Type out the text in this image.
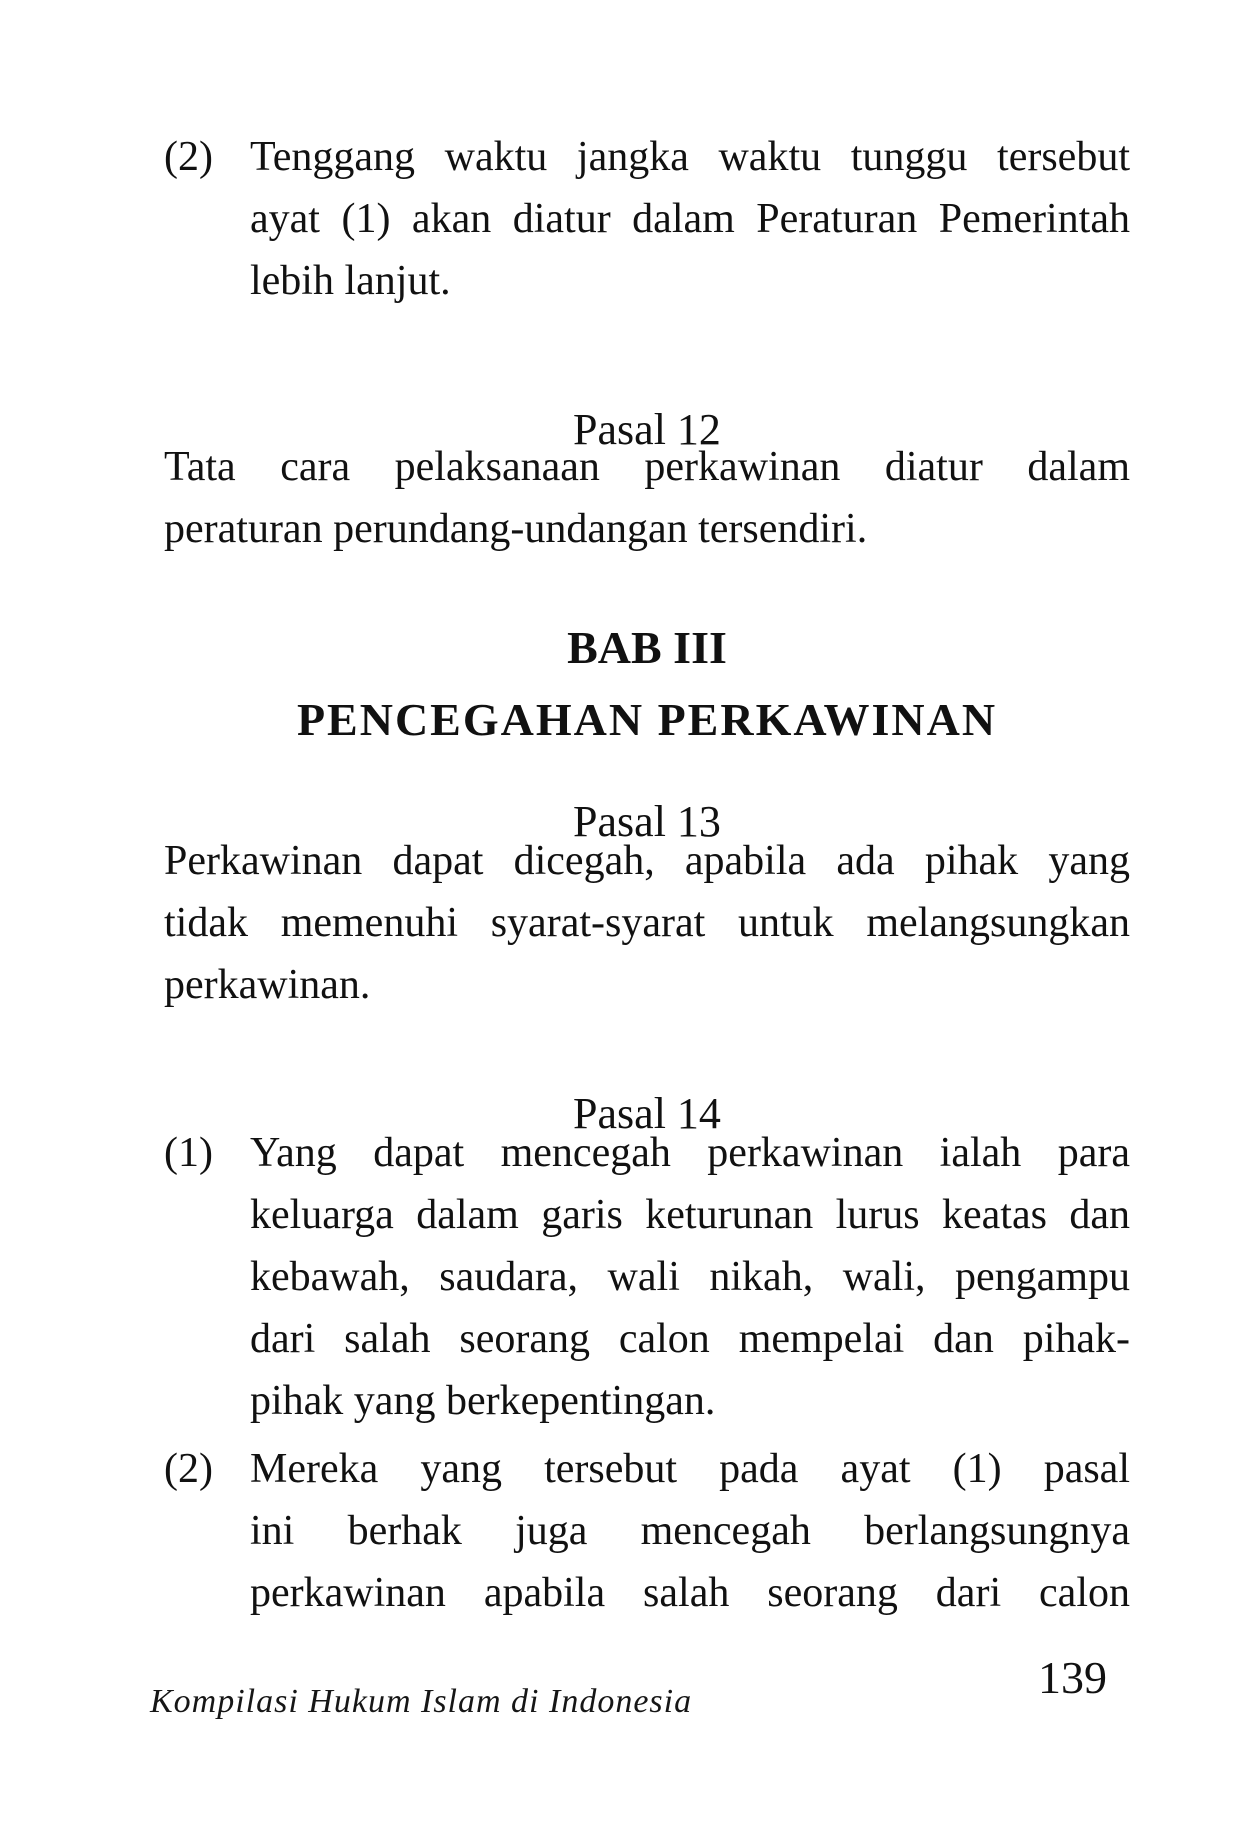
(2) Tenggang waktu jangka waktu tunggu tersebut
ayat (1) akan diatur dalam Peraturan Pemerintah
lebih lanjut.
Pasal 12
Tata cara pelaksanaan perkawinan diatur dalam
peraturan perundang-undangan tersendiri.
BAB III
PENCEGAHAN PERKAWINAN
Pasal 13
Perkawinan dapat dicegah, apabila ada pihak yang
tidak memenuhi syarat-syarat untuk melangsungkan
perkawinan.
Pasal 14
(1) Yang dapat mencegah perkawinan ialah para
keluarga dalam garis keturunan lurus keatas dan
kebawah, saudara, wali nikah, wali, pengampu
dari salah seorang calon mempelai dan pihak-
pihak yang berkepentingan.
(2) Mereka yang tersebut pada ayat (1) pasal
ini berhak juga mencegah berlangsungnya
perkawinan apabila salah seorang dari calon
Kompilasi Hukum Islam di Indonesia	139
